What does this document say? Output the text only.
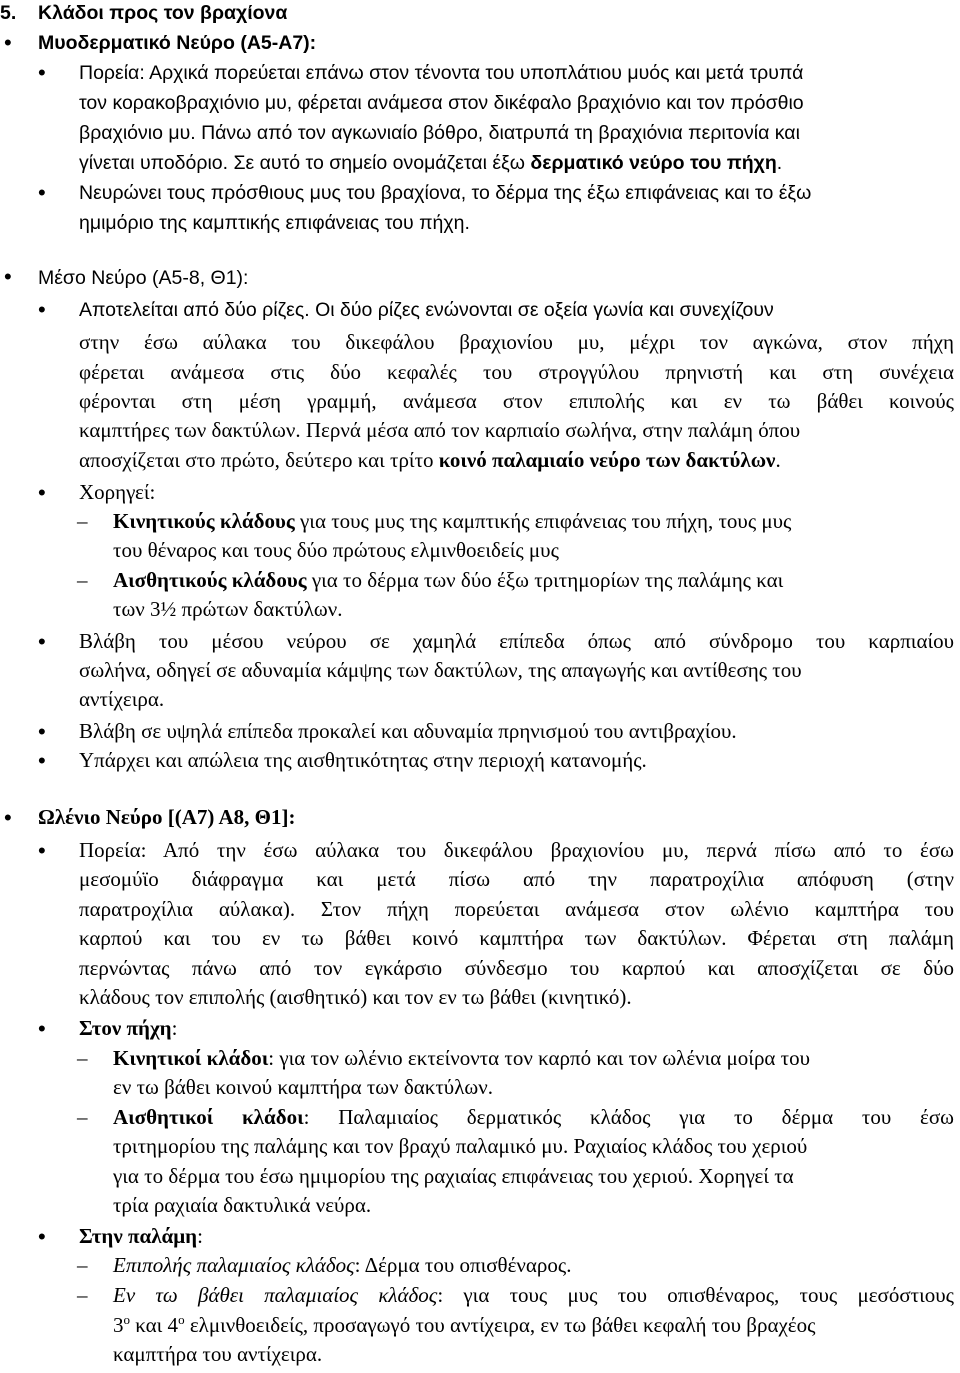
5. Κλάδοι προς τον βραχίονα
• Μυοδερματικό Νεύρο (Α5-Α7):
• Πορεία: Αρχικά πορεύεται επάνω στον τένοντα του υποπλάτιου μυός και μετά τρυπά
τον κορακοβραχιόνιο μυ, φέρεται ανάμεσα στον δικέφαλο βραχιόνιο και τον πρόσθιο
βραχιόνιο μυ. Πάνω από τον αγκωνιαίο βόθρο, διατρυπά τη βραχιόνια περιτονία και
γίνεται υποδόριο. Σε αυτό το σημείο ονομάζεται έξω δερματικό νεύρο του πήχη.
• Νευρώνει τους πρόσθιους μυς του βραχίονα, το δέρμα της έξω επιφάνειας και το έξω
ημιμόριο της καμπτικής επιφάνειας του πήχη.
• Μέσο Νεύρο (Α5-8, Θ1):
• Αποτελείται από δύο ρίζες. Οι δύο ρίζες ενώνονται σε οξεία γωνία και συνεχίζουν
στην έσω αύλακα του δικεφάλου βραχιονίου μυ, μέχρι τον αγκώνα, στον πήχη
φέρεται ανάμεσα στις δύο κεφαλές του στρογγύλου πρηνιστή και στη συνέχεια
φέρονται στη μέση γραμμή, ανάμεσα στον επιπολής και εν τω βάθει κοινούς
καμπτήρες των δακτύλων. Περνά μέσα από τον καρπιαίο σωλήνα, στην παλάμη όπου
αποσχίζεται στο πρώτο, δεύτερο και τρίτο κοινό παλαμιαίο νεύρο των δακτύλων.
• Χορηγεί:
– Κινητικούς κλάδους για τους μυς της καμπτικής επιφάνειας του πήχη, τους μυς
του θέναρος και τους δύο πρώτους ελμινθοειδείς μυς
– Αισθητικούς κλάδους για το δέρμα των δύο έξω τριτημορίων της παλάμης και
των 3½ πρώτων δακτύλων.
• Βλάβη του μέσου νεύρου σε χαμηλά επίπεδα όπως από σύνδρομο του καρπιαίου
σωλήνα, οδηγεί σε αδυναμία κάμψης των δακτύλων, της απαγωγής και αντίθεσης του
αντίχειρα.
• Βλάβη σε υψηλά επίπεδα προκαλεί και αδυναμία πρηνισμού του αντιβραχίου.
• Υπάρχει και απώλεια της αισθητικότητας στην περιοχή κατανομής.
• Ωλένιο Νεύρο [(Α7) Α8, Θ1]:
• Πορεία: Από την έσω αύλακα του δικεφάλου βραχιονίου μυ, περνά πίσω από το έσω
μεσομύϊο διάφραγμα και μετά πίσω από την παρατροχίλια απόφυση (στην
παρατροχίλια αύλακα). Στον πήχη πορεύεται ανάμεσα στον ωλένιο καμπτήρα του
καρπού και του εν τω βάθει κοινό καμπτήρα των δακτύλων. Φέρεται στη παλάμη
περνώντας πάνω από τον εγκάρσιο σύνδεσμο του καρπού και αποσχίζεται σε δύο
κλάδους τον επιπολής (αισθητικό) και τον εν τω βάθει (κινητικό).
• Στον πήχη:
– Κινητικοί κλάδοι: για τον ωλένιο εκτείνοντα τον καρπό και τον ωλένια μοίρα του
εν τω βάθει κοινού καμπτήρα των δακτύλων.
– Αισθητικοί κλάδοι: Παλαμιαίος δερματικός κλάδος για το δέρμα του έσω
τριτημορίου της παλάμης και τον βραχύ παλαμικό μυ. Ραχιαίος κλάδος του χεριού
για το δέρμα του έσω ημιμορίου της ραχιαίας επιφάνειας του χεριού. Χορηγεί τα
τρία ραχιαία δακτυλικά νεύρα.
• Στην παλάμη:
– Επιπολής παλαμιαίος κλάδος: Δέρμα του οπισθέναρος.
– Εν τω βάθει παλαμιαίος κλάδος: για τους μυς του οπισθέναρος, τους μεσόστιους
$3^o$ και $4^o$ ελμινθοειδείς, προσαγωγό του αντίχειρα, εν τω βάθει κεφαλή του βραχέος
καμπτήρα του αντίχειρα.
